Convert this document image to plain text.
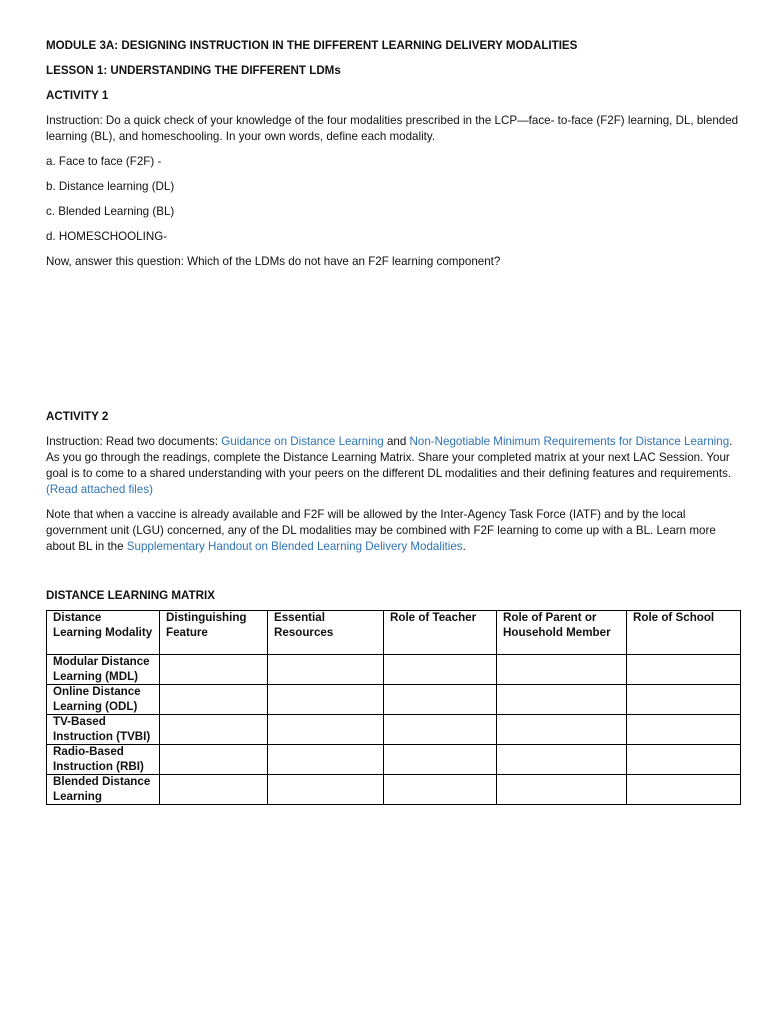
MODULE 3A: DESIGNING INSTRUCTION IN THE DIFFERENT LEARNING DELIVERY MODALITIES

LESSON 1: UNDERSTANDING THE DIFFERENT LDMs

ACTIVITY 1

Instruction: Do a quick check of your knowledge of the four modalities prescribed in the LCP—face- to-face (F2F) learning, DL, blended learning (BL), and homeschooling. In your own words, define each modality.

a. Face to face (F2F) -

b. Distance learning (DL)

c. Blended Learning (BL)

d. HOMESCHOOLING-

Now, answer this question: Which of the LDMs do not have an F2F learning component?

ACTIVITY 2

Instruction: Read two documents: Guidance on Distance Learning and Non-Negotiable Minimum Requirements for Distance Learning. As you go through the readings, complete the Distance Learning Matrix. Share your completed matrix at your next LAC Session. Your goal is to come to a shared understanding with your peers on the different DL modalities and their defining features and requirements. (Read attached files)

Note that when a vaccine is already available and F2F will be allowed by the Inter-Agency Task Force (IATF) and by the local government unit (LGU) concerned, any of the DL modalities may be combined with F2F learning to come up with a BL. Learn more about BL in the Supplementary Handout on Blended Learning Delivery Modalities.

DISTANCE LEARNING MATRIX

Distance Learning Modality	Distinguishing Feature	Essential Resources	Role of Teacher	Role of Parent or Household Member	Role of School
Modular Distance Learning (MDL)					
Online Distance Learning (ODL)					
TV-Based Instruction (TVBI)					
Radio-Based Instruction (RBI)					
Blended Distance Learning					
